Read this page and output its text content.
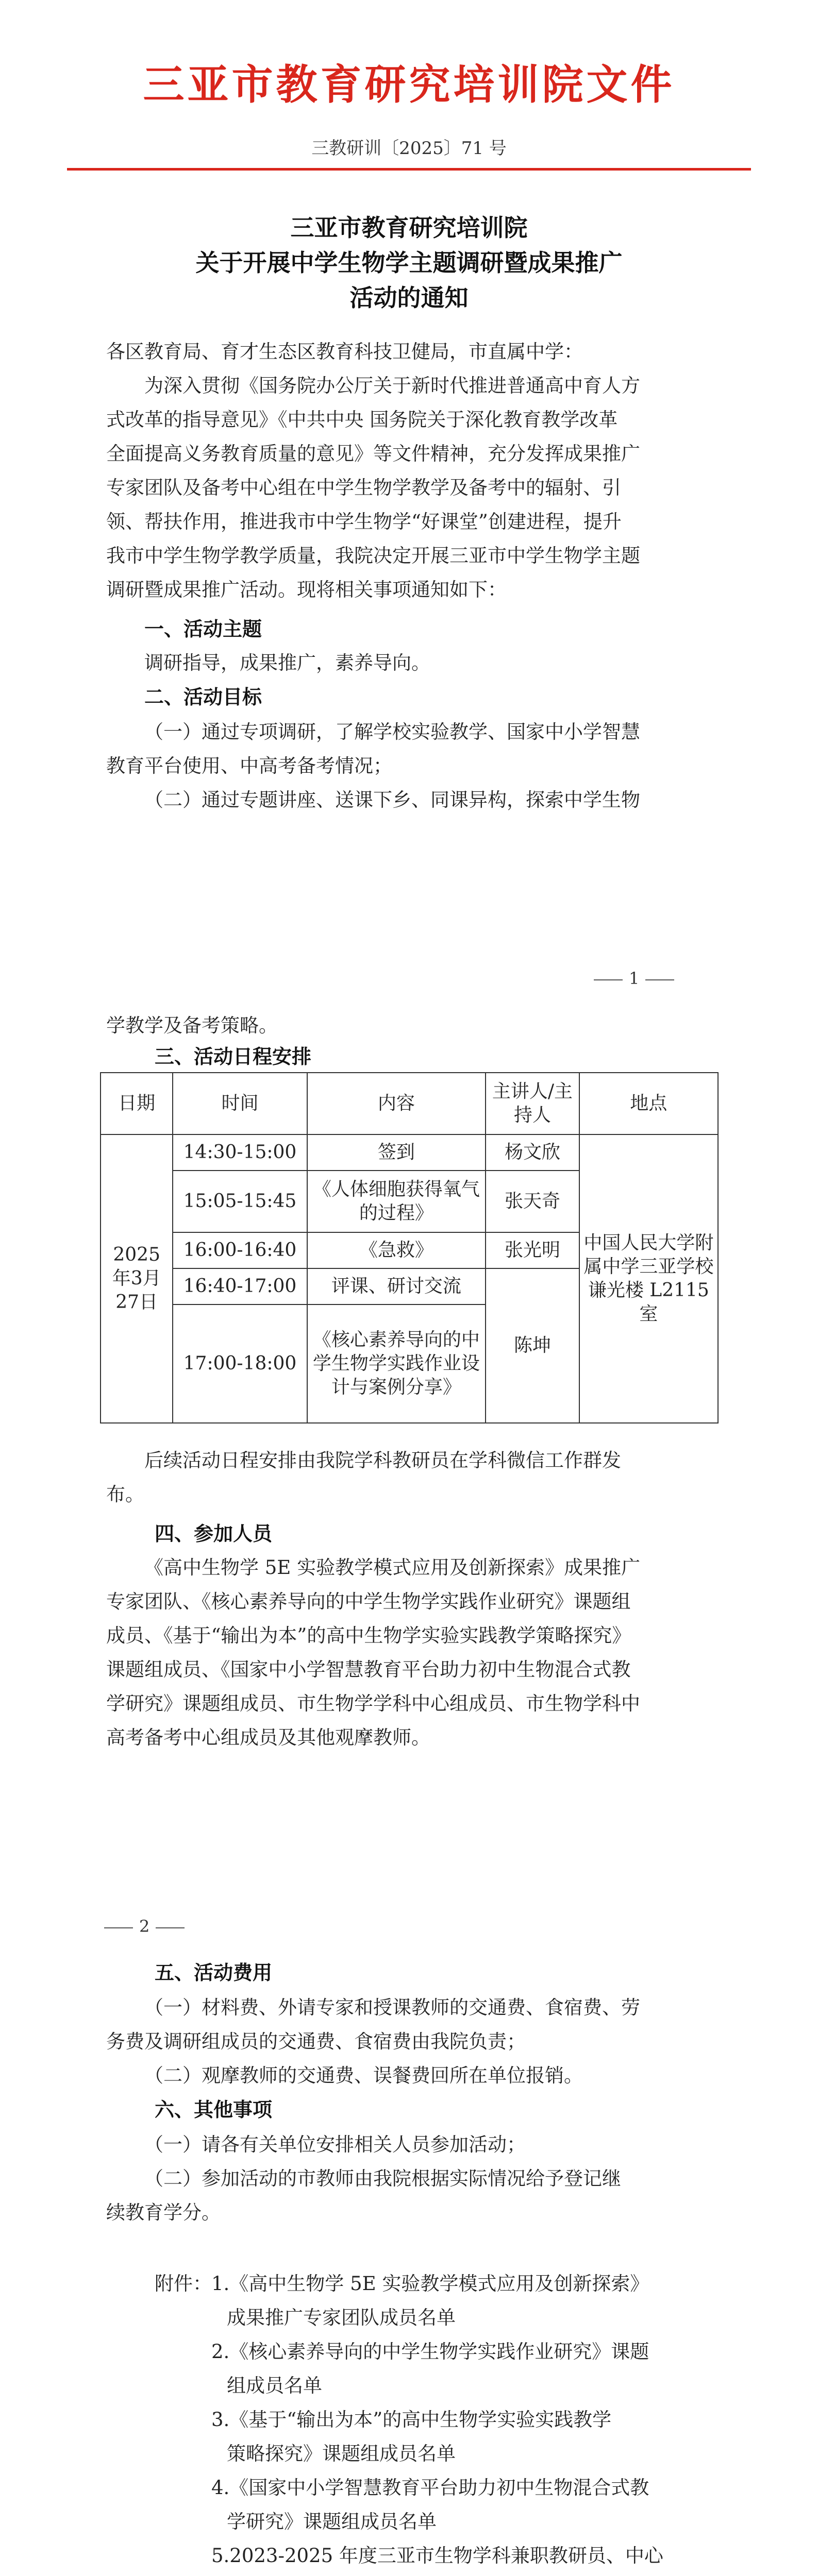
三亚市教育研究培训院文件
三教研训〔2025〕71 号
三亚市教育研究培训院
关于开展中学生物学主题调研暨成果推广
活动的通知
各区教育局、育才生态区教育科技卫健局，市直属中学：
为深入贯彻《国务院办公厅关于新时代推进普通高中育人方
式改革的指导意见》《中共中央 国务院关于深化教育教学改革
全面提高义务教育质量的意见》等文件精神，充分发挥成果推广
专家团队及备考中心组在中学生物学教学及备考中的辐射、引
领、帮扶作用，推进我市中学生物学“好课堂”创建进程，提升
我市中学生物学教学质量，我院决定开展三亚市中学生物学主题
调研暨成果推广活动。现将相关事项通知如下：
一、活动主题
调研指导，成果推广，素养导向。
二、活动目标
（一）通过专项调研，了解学校实验教学、国家中小学智慧
教育平台使用、中高考备考情况；
（二）通过专题讲座、送课下乡、同课异构，探索中学生物
1
学教学及备考策略。
三、活动日程安排
日期	时间	内容	主讲人/主持人	地点
2025年3月27日	14:30-15:00	签到	杨文欣	中国人民大学附属中学三亚学校谦光楼 L2115 室
	15:05-15:45	《人体细胞获得氧气的过程》	张天奇	
	16:00-16:40	《急救》	张光明	
	16:40-17:00	评课、研讨交流	陈坤	
	17:00-18:00	《核心素养导向的中学生物学实践作业设计与案例分享》		
后续活动日程安排由我院学科教研员在学科微信工作群发
布。
四、参加人员
《高中生物学 5E 实验教学模式应用及创新探索》成果推广
专家团队、《核心素养导向的中学生物学实践作业研究》课题组
成员、《基于“输出为本”的高中生物学实验实践教学策略探究》
课题组成员、《国家中小学智慧教育平台助力初中生物混合式教
学研究》课题组成员、市生物学学科中心组成员、市生物学科中
高考备考中心组成员及其他观摩教师。
2
五、活动费用
（一）材料费、外请专家和授课教师的交通费、食宿费、劳
务费及调研组成员的交通费、食宿费由我院负责；
（二）观摩教师的交通费、误餐费回所在单位报销。
六、其他事项
（一）请各有关单位安排相关人员参加活动；
（二）参加活动的市教师由我院根据实际情况给予登记继
续教育学分。
附件： 1.《高中生物学 5E 实验教学模式应用及创新探索》
成果推广专家团队成员名单
2.《核心素养导向的中学生物学实践作业研究》课题
组成员名单
3.《基于“输出为本”的高中生物学实验实践教学
策略探究》课题组成员名单
4.《国家中小学智慧教育平台助力初中生物混合式教
学研究》课题组成员名单
5.2023-2025 年度三亚市生物学科兼职教研员、中心
